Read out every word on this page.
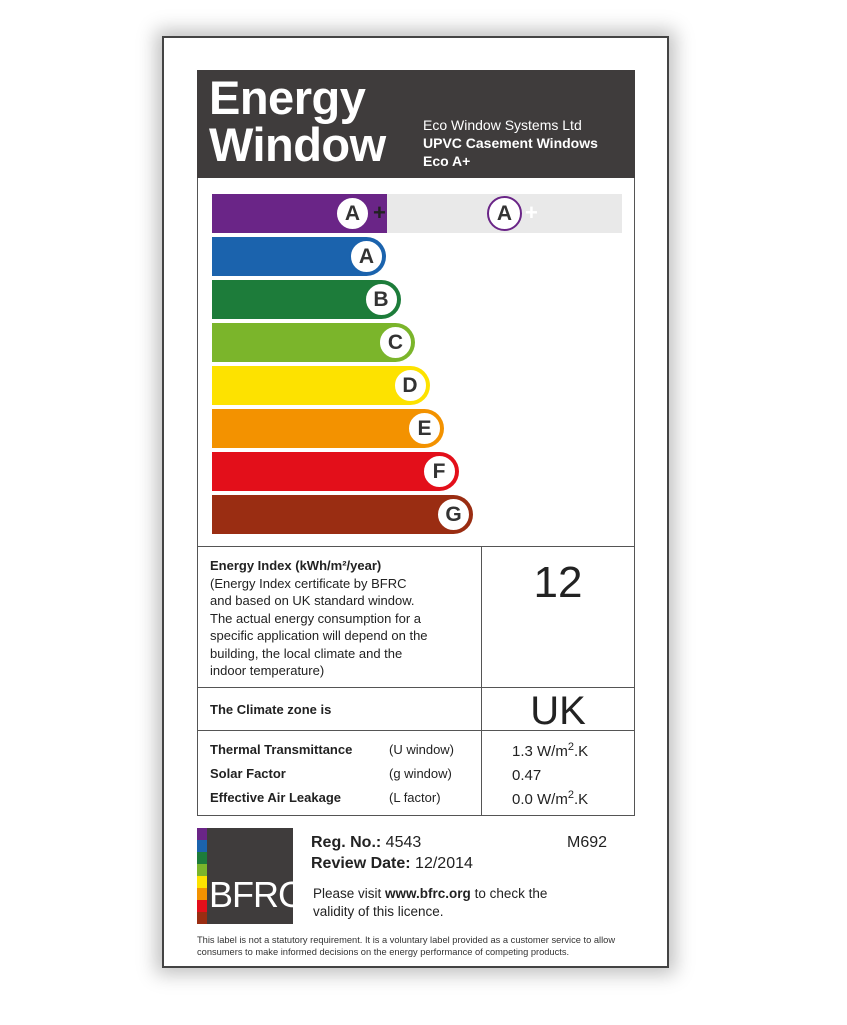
Energy
Window	Eco Window Systems Ltd
UPVC Casement Windows
Eco A+
A +	A +
A
B
C
D
E
F
G
Energy Index (kWh/m²/year)
(Energy Index certificate by BFRC
and based on UK standard window.
The actual energy consumption for a
specific application will depend on the
building, the local climate and the
indoor temperature)
12
The Climate zone is	UK
Thermal Transmittance	(U window)	1.3 $W/m^2.K$
Solar Factor	(g window)	0.47
Effective Air Leakage	(L factor)	0.0 $W/m^2.K$
BFRC
Reg. No.: 4543	M692
Review Date: 12/2014
Please visit www.bfrc.org to check the
validity of this licence.
This label is not a statutory requirement. It is a voluntary label provided as a customer service to allow
consumers to make informed decisions on the energy performance of competing products.
